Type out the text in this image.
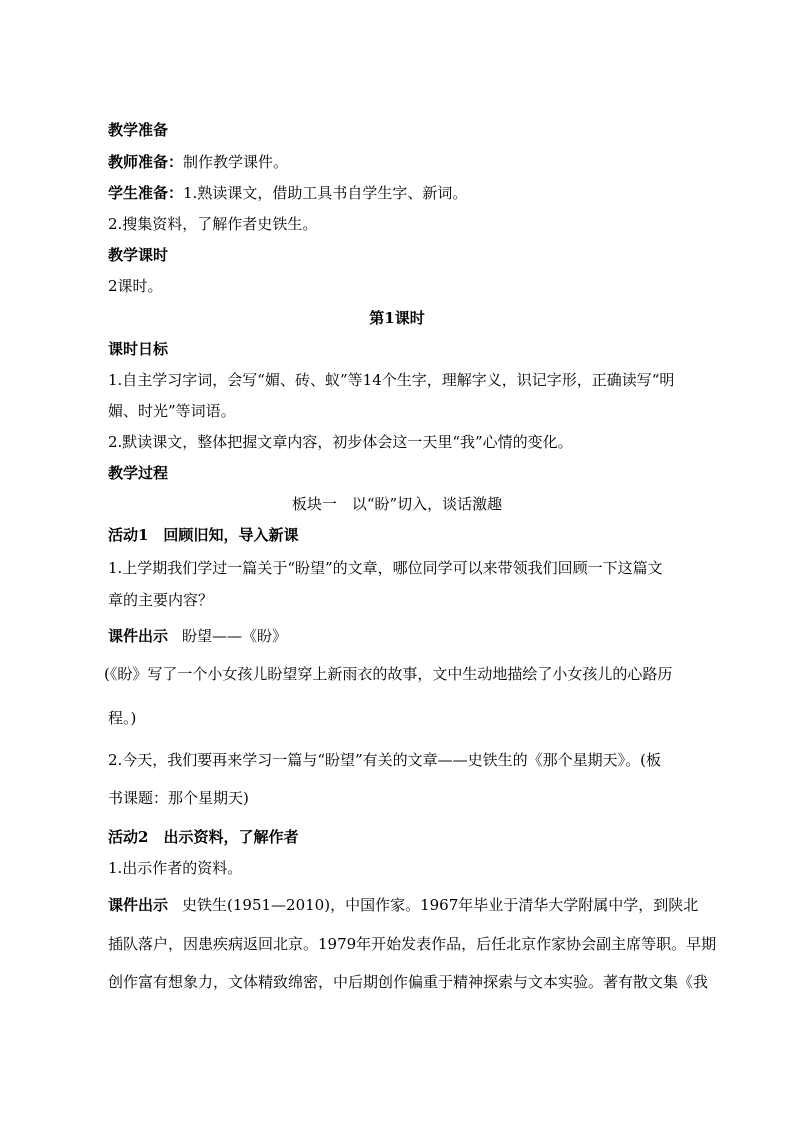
教学准备
教师准备：制作教学课件。
学生准备：1.熟读课文，借助工具书自学生字、新词。
2.搜集资料，了解作者史铁生。
教学课时
2课时。
第1课时
课时日标
1.自主学习字词，会写“媚、砖、蚁”等14个生字，理解字义，识记字形，正确读写“明
媚、时光”等词语。
2.默读课文，整体把握文章内容，初步体会这一天里“我”心情的变化。
教学过程
板块一　以“盼”切入，谈话激趣
活动1　回顾旧知，导入新课
1.上学期我们学过一篇关于“盼望”的文章，哪位同学可以来带领我们回顾一下这篇文
章的主要内容？
课件出示 盼望——《盼》
(《盼》写了一个小女孩儿盼望穿上新雨衣的故事，文中生动地描绘了小女孩儿的心路历
程。)
2.今天，我们要再来学习一篇与“盼望”有关的文章——史铁生的《那个星期天》。(板
书课题：那个星期天)
活动2　出示资料，了解作者
1.出示作者的资料。
课件出示 史铁生(1951—2010)，中国作家。1967年毕业于清华大学附属中学，到陕北
插队落户，因患疾病返回北京。1979年开始发表作品，后任北京作家协会副主席等职。早期
创作富有想象力，文体精致绵密，中后期创作偏重于精神探索与文本实验。著有散文集《我
